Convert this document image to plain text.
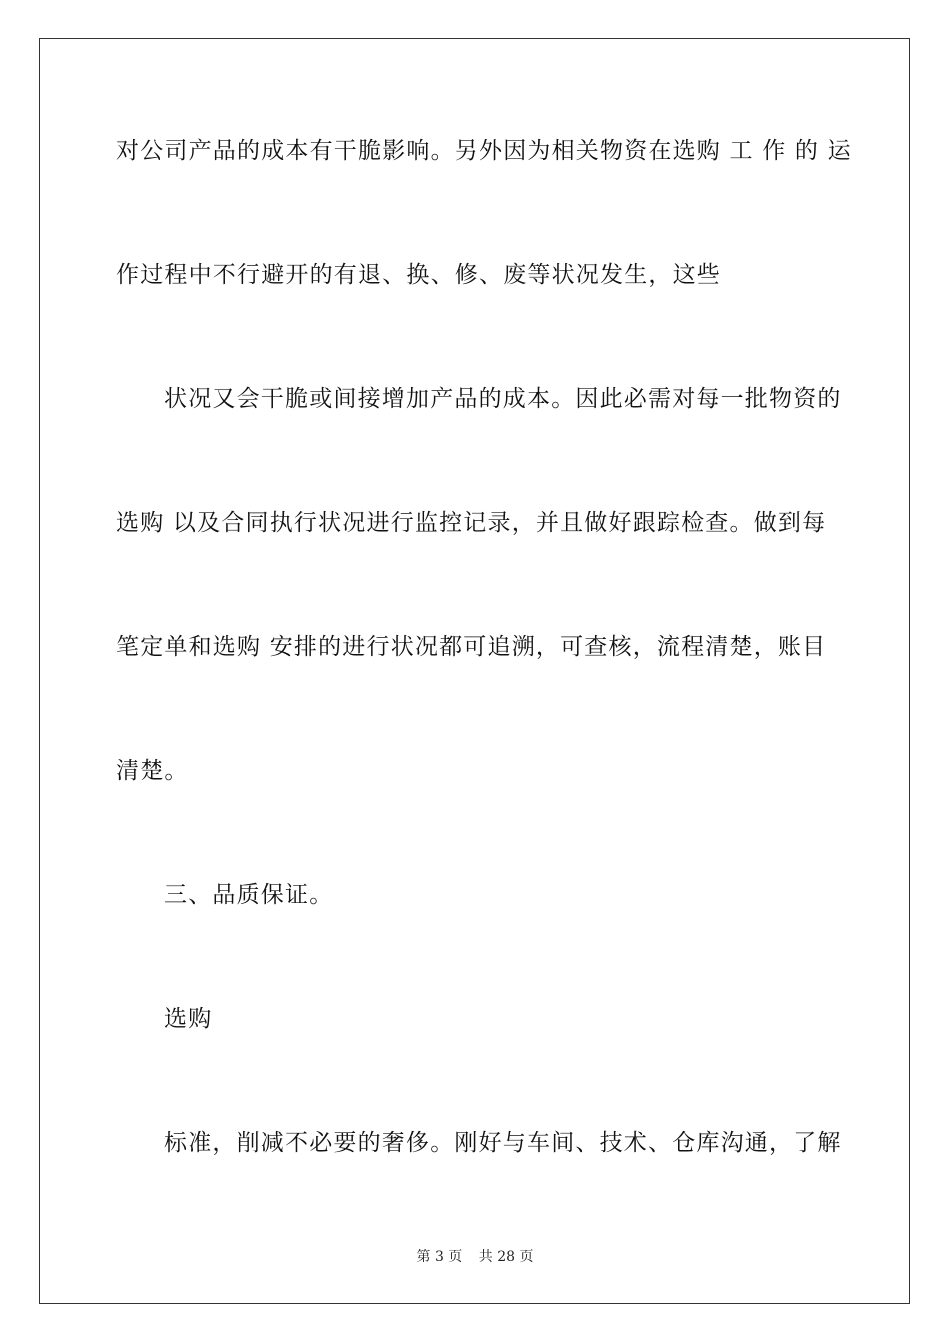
对公司产品的成本有干脆影响。另外因为相关物资在选购 工 作 的 运
作过程中不行避开的有退、换、修、废等状况发生，这些
状况又会干脆或间接增加产品的成本。因此必需对每一批物资的
选购 以及合同执行状况进行监控记录，并且做好跟踪检查。做到每
笔定单和选购 安排的进行状况都可追溯，可查核，流程清楚，账目
清楚。
三、品质保证。
选购
标准，削减不必要的奢侈。刚好与车间、技术、仓库沟通，了解
第 3 页 共 28 页
